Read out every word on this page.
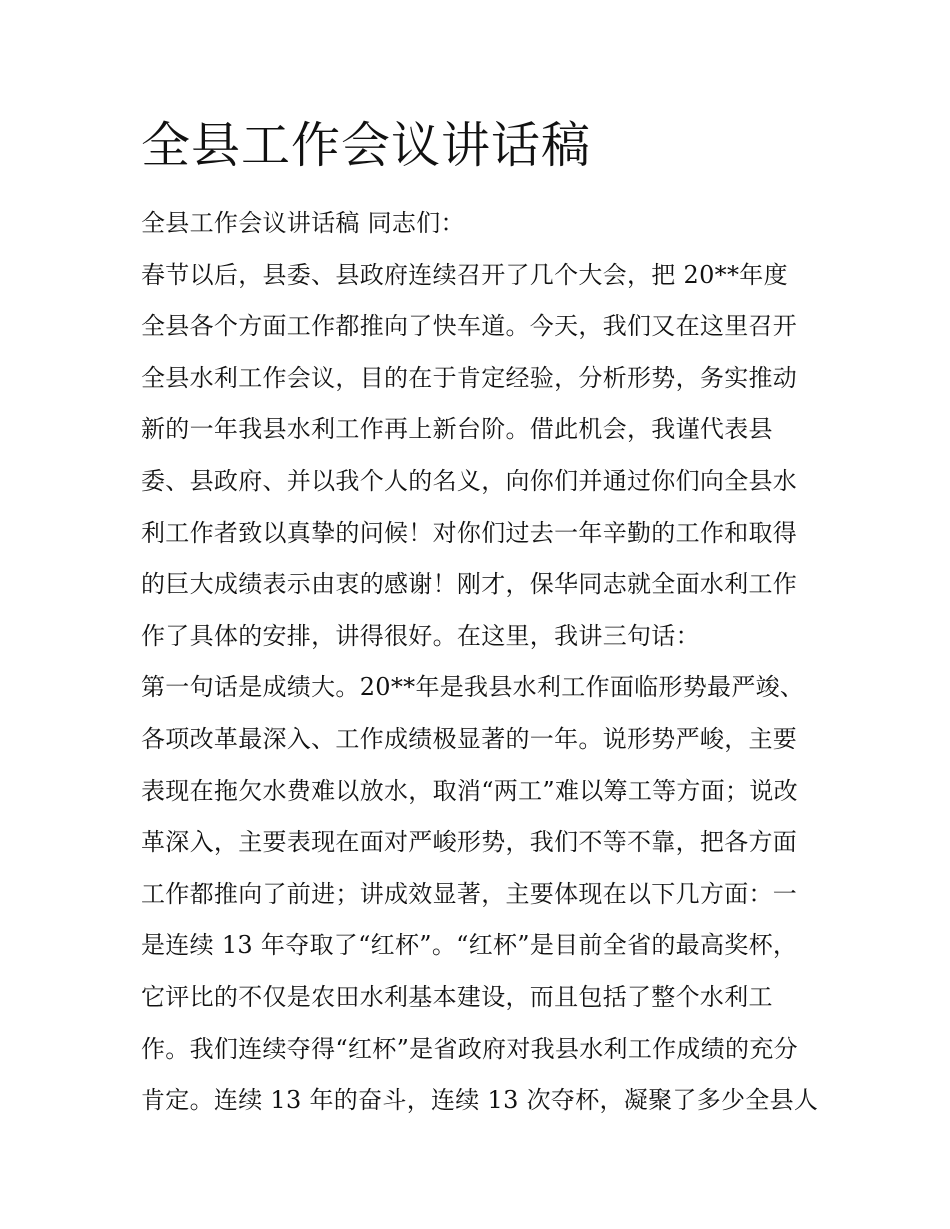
全县工作会议讲话稿
全县工作会议讲话稿 同志们：
春节以后，县委、县政府连续召开了几个大会，把 20**年度
全县各个方面工作都推向了快车道。今天，我们又在这里召开
全县水利工作会议，目的在于肯定经验，分析形势，务实推动
新的一年我县水利工作再上新台阶。借此机会，我谨代表县
委、县政府、并以我个人的名义，向你们并通过你们向全县水
利工作者致以真挚的问候！对你们过去一年辛勤的工作和取得
的巨大成绩表示由衷的感谢！刚才，保华同志就全面水利工作
作了具体的安排，讲得很好。在这里，我讲三句话：
第一句话是成绩大。20**年是我县水利工作面临形势最严竣、
各项改革最深入、工作成绩极显著的一年。说形势严峻，主要
表现在拖欠水费难以放水，取消“两工”难以筹工等方面；说改
革深入，主要表现在面对严峻形势，我们不等不靠，把各方面
工作都推向了前进；讲成效显著，主要体现在以下几方面：一
是连续 13 年夺取了“红杯”。“红杯”是目前全省的最高奖杯，
它评比的不仅是农田水利基本建设，而且包括了整个水利工
作。我们连续夺得“红杯”是省政府对我县水利工作成绩的充分
肯定。连续 13 年的奋斗，连续 13 次夺杯，凝聚了多少全县人
